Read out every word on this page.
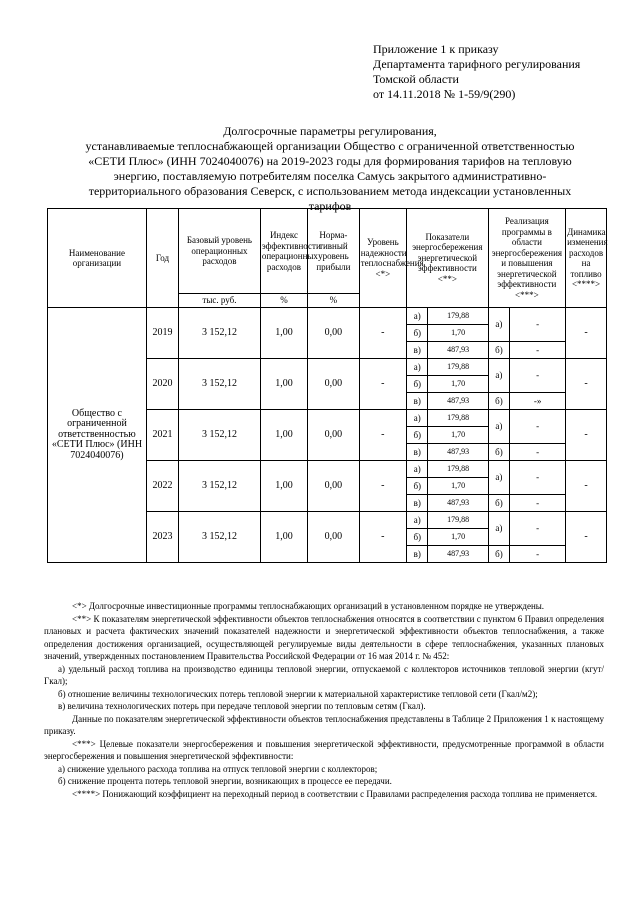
Приложение 1 к приказу
Департамента тарифного регулирования
Томской области
от 14.11.2018 № 1-59/9(290)
Долгосрочные параметры регулирования,
устанавливаемые теплоснабжающей организации Общество с ограниченной ответственностью
«СЕТИ Плюс» (ИНН 7024040076) на 2019-2023 годы для формирования тарифов на тепловую
энергию, поставляемую потребителям поселка Самусь закрытого административно-
территориального образования Северск, с использованием метода индексации установленных
тарифов
Наименование организации	Год	Базовый уровень операционных расходов	Индекс эффективности операционных расходов	Норма-тивный уровень прибыли	Уровень надежности теплоснабжения <*>	Показатели энергосбережения энергетической эффективности <**>		Реализация программы в области энергосбережения и повышения энергетической эффективности <***>		Динамика изменения расходов на топливо <****>
		тыс. руб.	%	%						
Общество с ограниченной ответственностью «СЕТИ Плюс» (ИНН 7024040076)	2019	3 152,12	1,00	0,00	-	а)	179,88	а)	-	-
						б)	1,70			
						в)	487,93	б)	-	
	2020	3 152,12	1,00	0,00	-	а)	179,88	а)	-	-
						б)	1,70			
						в)	487,93	б)	-»	
	2021	3 152,12	1,00	0,00	-	а)	179,88	а)	-	-
						б)	1,70			
						в)	487,93	б)	-	
	2022	3 152,12	1,00	0,00	-	а)	179,88	а)	-	-
						б)	1,70			
						в)	487,93	б)	-	
	2023	3 152,12	1,00	0,00	-	а)	179,88	а)	-	-
						б)	1,70			
						в)	487,93	б)	-	

<*> Долгосрочные инвестиционные программы теплоснабжающих организаций в установленном порядке не утверждены.

<**> К показателям энергетической эффективности объектов теплоснабжения относятся в соответствии с пунктом 6 Правил определения плановых и расчета фактических значений показателей надежности и энергетической эффективности объектов теплоснабжения, а также определения достижения организацией, осуществляющей регулируемые виды деятельности в сфере теплоснабжения, указанных плановых значений, утвержденных постановлением Правительства Российской Федерации от 16 мая 2014 г. № 452:

а) удельный расход топлива на производство единицы тепловой энергии, отпускаемой с коллекторов источников тепловой энергии (кгут/Гкал);

б) отношение величины технологических потерь тепловой энергии к материальной характеристике тепловой сети (Гкал/м2);

в) величина технологических потерь при передаче тепловой энергии по тепловым сетям (Гкал).

Данные по показателям энергетической эффективности объектов теплоснабжения представлены в Таблице 2 Приложения 1 к настоящему приказу.

<***> Целевые показатели энергосбережения и повышения энергетической эффективности, предусмотренные программой в области энергосбережения и повышения энергетической эффективности:

а) снижение удельного расхода топлива на отпуск тепловой энергии с коллекторов;

б) снижение процента потерь тепловой энергии, возникающих в процессе ее передачи.

<****> Понижающий коэффициент на переходный период в соответствии с Правилами распределения расхода топлива не применяется.
